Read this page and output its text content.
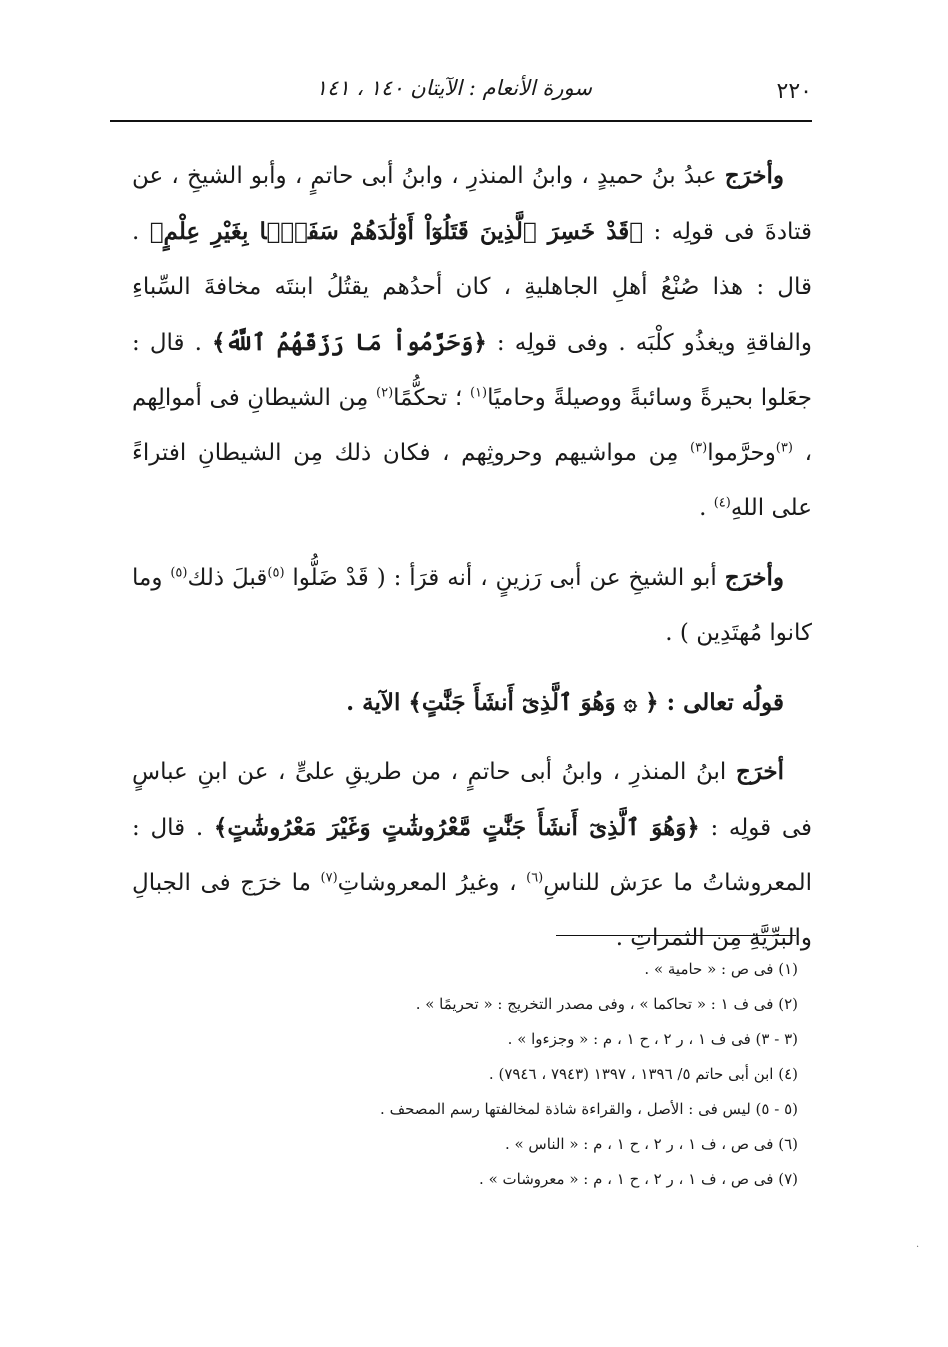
٢٢٠
سورة الأنعام : الآيتان ١٤٠ ، ١٤١

وأخرَج عبدُ بنُ حميدٍ ، وابنُ المنذرِ ، وابنُ أبى حاتمٍ ، وأبو الشيخِ ، عن قتادةَ فى قولِه : ﴿قَدْ خَسِرَ ٱلَّذِينَ قَتَلُوٓاْ أَوْلَٰدَهُمْ سَفَهًۢا بِغَيْرِ عِلْمٍ﴾ . قال : هذا صُنْعُ أهلِ الجاهليةِ ، كان أحدُهم يقتُلُ ابنتَه مخافةَ السِّباءِ والفاقةِ ويغذُو كلْبَه . وفى قولِه : ﴿وَحَرَّمُواْ مَا رَزَقَهُمُ ٱللَّهُ﴾ . قال : جعَلوا بحيرةً وسائبةً ووصيلةً وحاميًا$^{(١)}$ ؛ تحكُّمًا$^{(٢)}$ مِن الشيطانِ فى أموالِهم ، $^{(٣)}$وحرَّموا$^{(٣)}$ مِن مواشيهم وحروثِهم ، فكان ذلك مِن الشيطانِ افتراءً على اللهِ$^{(٤)}$ .

وأخرَج أبو الشيخِ عن أبى رَزينٍ ، أنه قرَأ : ( قَدْ ضَلُّوا $^{(٥)}$قبلَ ذلك$^{(٥)}$ وما كانوا مُهتَدِين ) .

قولُه تعالى : ﴿ ۞ وَهُوَ ٱلَّذِىٓ أَنشَأَ جَنَّٰتٍ﴾ الآية .

أخرَج ابنُ المنذرِ ، وابنُ أبى حاتمٍ ، من طريقِ علىٍّ ، عن ابنِ عباسٍ فى قولِه : ﴿وَهُوَ ٱلَّذِىٓ أَنشَأَ جَنَّٰتٍ مَّعْرُوشَٰتٍ وَغَيْرَ مَعْرُوشَٰتٍ﴾ . قال : المعروشاتُ ما عرَش للناسِ$^{(٦)}$ ، وغيرُ المعروشاتِ$^{(٧)}$ ما خرَج فى الجبالِ والبرِّيَّةِ مِن الثمراتِ .

(١) فى ص : « حامية » .
(٢) فى ف ١ : « تحاكما » ، وفى مصدر التخريج : « تحريمًا » .
(٣ - ٣) فى ف ١ ، ر ٢ ، ح ١ ، م : « وجزءوا » .
(٤) ابن أبى حاتم ٥/ ١٣٩٦ ، ١٣٩٧ (٧٩٤٣ ، ٧٩٤٦) .
(٥ - ٥) ليس فى : الأصل ، والقراءة شاذة لمخالفتها رسم المصحف .
(٦) فى ص ، ف ١ ، ر ٢ ، ح ١ ، م : « الناس » .
(٧) فى ص ، ف ١ ، ر ٢ ، ح ١ ، م : « معروشات » .
·
